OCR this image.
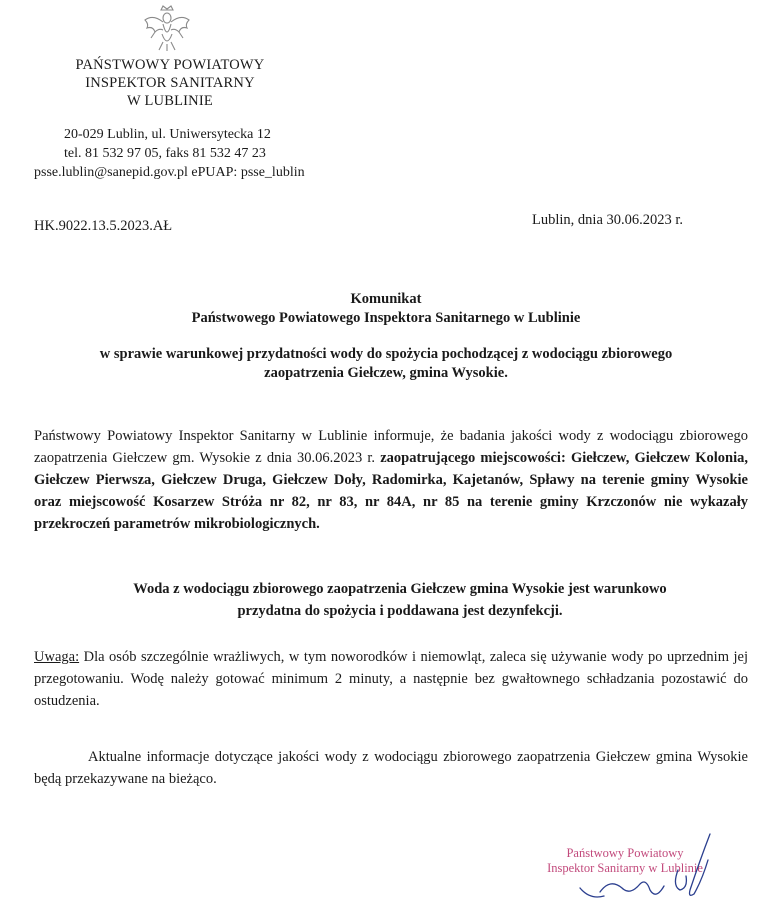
PAŃSTWOWY POWIATOWY
INSPEKTOR SANITARNY
W LUBLINIE
20-029 Lublin, ul. Uniwersytecka 12
tel. 81 532 97 05, faks 81 532 47 23
psse.lublin@sanepid.gov.pl ePUAP: psse_lublin
HK.9022.13.5.2023.AŁ	Lublin, dnia 30.06.2023 r.
Komunikat
Państwowego Powiatowego Inspektora Sanitarnego w Lublinie
w sprawie warunkowej przydatności wody do spożycia pochodzącej z wodociągu zbiorowego
zaopatrzenia Giełczew, gmina Wysokie.
Państwowy Powiatowy Inspektor Sanitarny w Lublinie informuje, że badania jakości wody z wodociągu zbiorowego zaopatrzenia Giełczew gm. Wysokie z dnia 30.06.2023 r. zaopatrującego miejscowości: Giełczew, Giełczew Kolonia, Giełczew Pierwsza, Giełczew Druga, Giełczew Doły, Radomirka, Kajetanów, Spławy na terenie gminy Wysokie oraz miejscowość Kosarzew Stróża nr 82, nr 83, nr 84A, nr 85 na terenie gminy Krzczonów nie wykazały przekroczeń parametrów mikrobiologicznych.
Woda z wodociągu zbiorowego zaopatrzenia Giełczew gmina Wysokie jest warunkowo
przydatna do spożycia i poddawana jest dezynfekcji.
Uwaga: Dla osób szczególnie wrażliwych, w tym noworodków i niemowląt, zaleca się używanie wody po uprzednim jej przegotowaniu. Wodę należy gotować minimum 2 minuty, a następnie bez gwałtownego schładzania pozostawić do ostudzenia.
Aktualne informacje dotyczące jakości wody z wodociągu zbiorowego zaopatrzenia Giełczew gmina Wysokie będą przekazywane na bieżąco.
Państwowy Powiatowy
Inspektor Sanitarny w Lublinie
